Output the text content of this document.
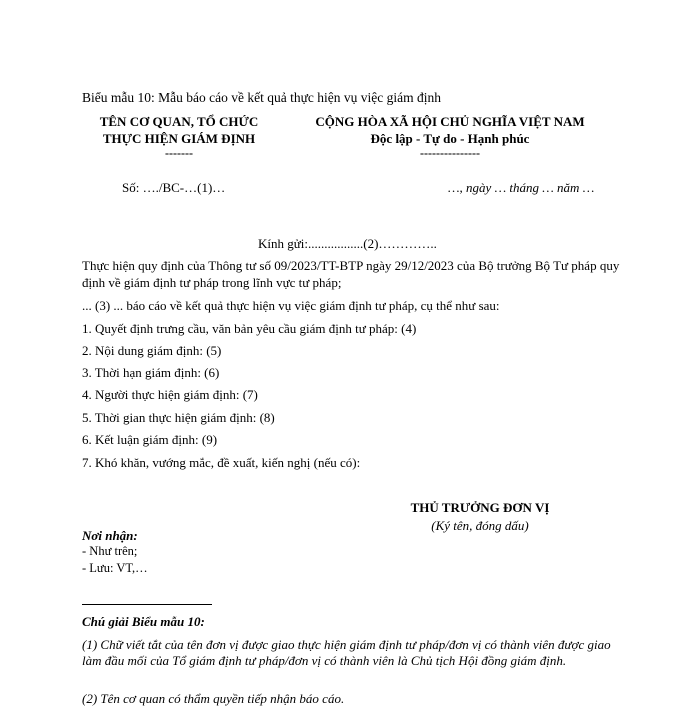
Biểu mẫu 10: Mẫu báo cáo về kết quả thực hiện vụ việc giám định
TÊN CƠ QUAN, TỔ CHỨC
THỰC HIỆN GIÁM ĐỊNH
-------
CỘNG HÒA XÃ HỘI CHỦ NGHĨA VIỆT NAM
Độc lập - Tự do - Hạnh phúc
---------------
Số: …./BC-…(1)…	…, ngày … tháng … năm …
Kính gửi:.................(2)…………..
Thực hiện quy định của Thông tư số 09/2023/TT-BTP ngày 29/12/2023 của Bộ trưởng Bộ Tư pháp quy định về giám định tư pháp trong lĩnh vực tư pháp;
... (3) ... báo cáo về kết quả thực hiện vụ việc giám định tư pháp, cụ thể như sau:
1. Quyết định trưng cầu, văn bản yêu cầu giám định tư pháp: (4)
2. Nội dung giám định: (5)
3. Thời hạn giám định: (6)
4. Người thực hiện giám định: (7)
5. Thời gian thực hiện giám định: (8)
6. Kết luận giám định: (9)
7. Khó khăn, vướng mắc, đề xuất, kiến nghị (nếu có):
THỦ TRƯỞNG ĐƠN VỊ
(Ký tên, đóng dấu)
Nơi nhận:
- Như trên;
- Lưu: VT,…
Chú giải Biểu mẫu 10:
(1) Chữ viết tắt của tên đơn vị được giao thực hiện giám định tư pháp/đơn vị có thành viên được giao làm đầu mối của Tổ giám định tư pháp/đơn vị có thành viên là Chủ tịch Hội đồng giám định.
(2) Tên cơ quan có thẩm quyền tiếp nhận báo cáo.
